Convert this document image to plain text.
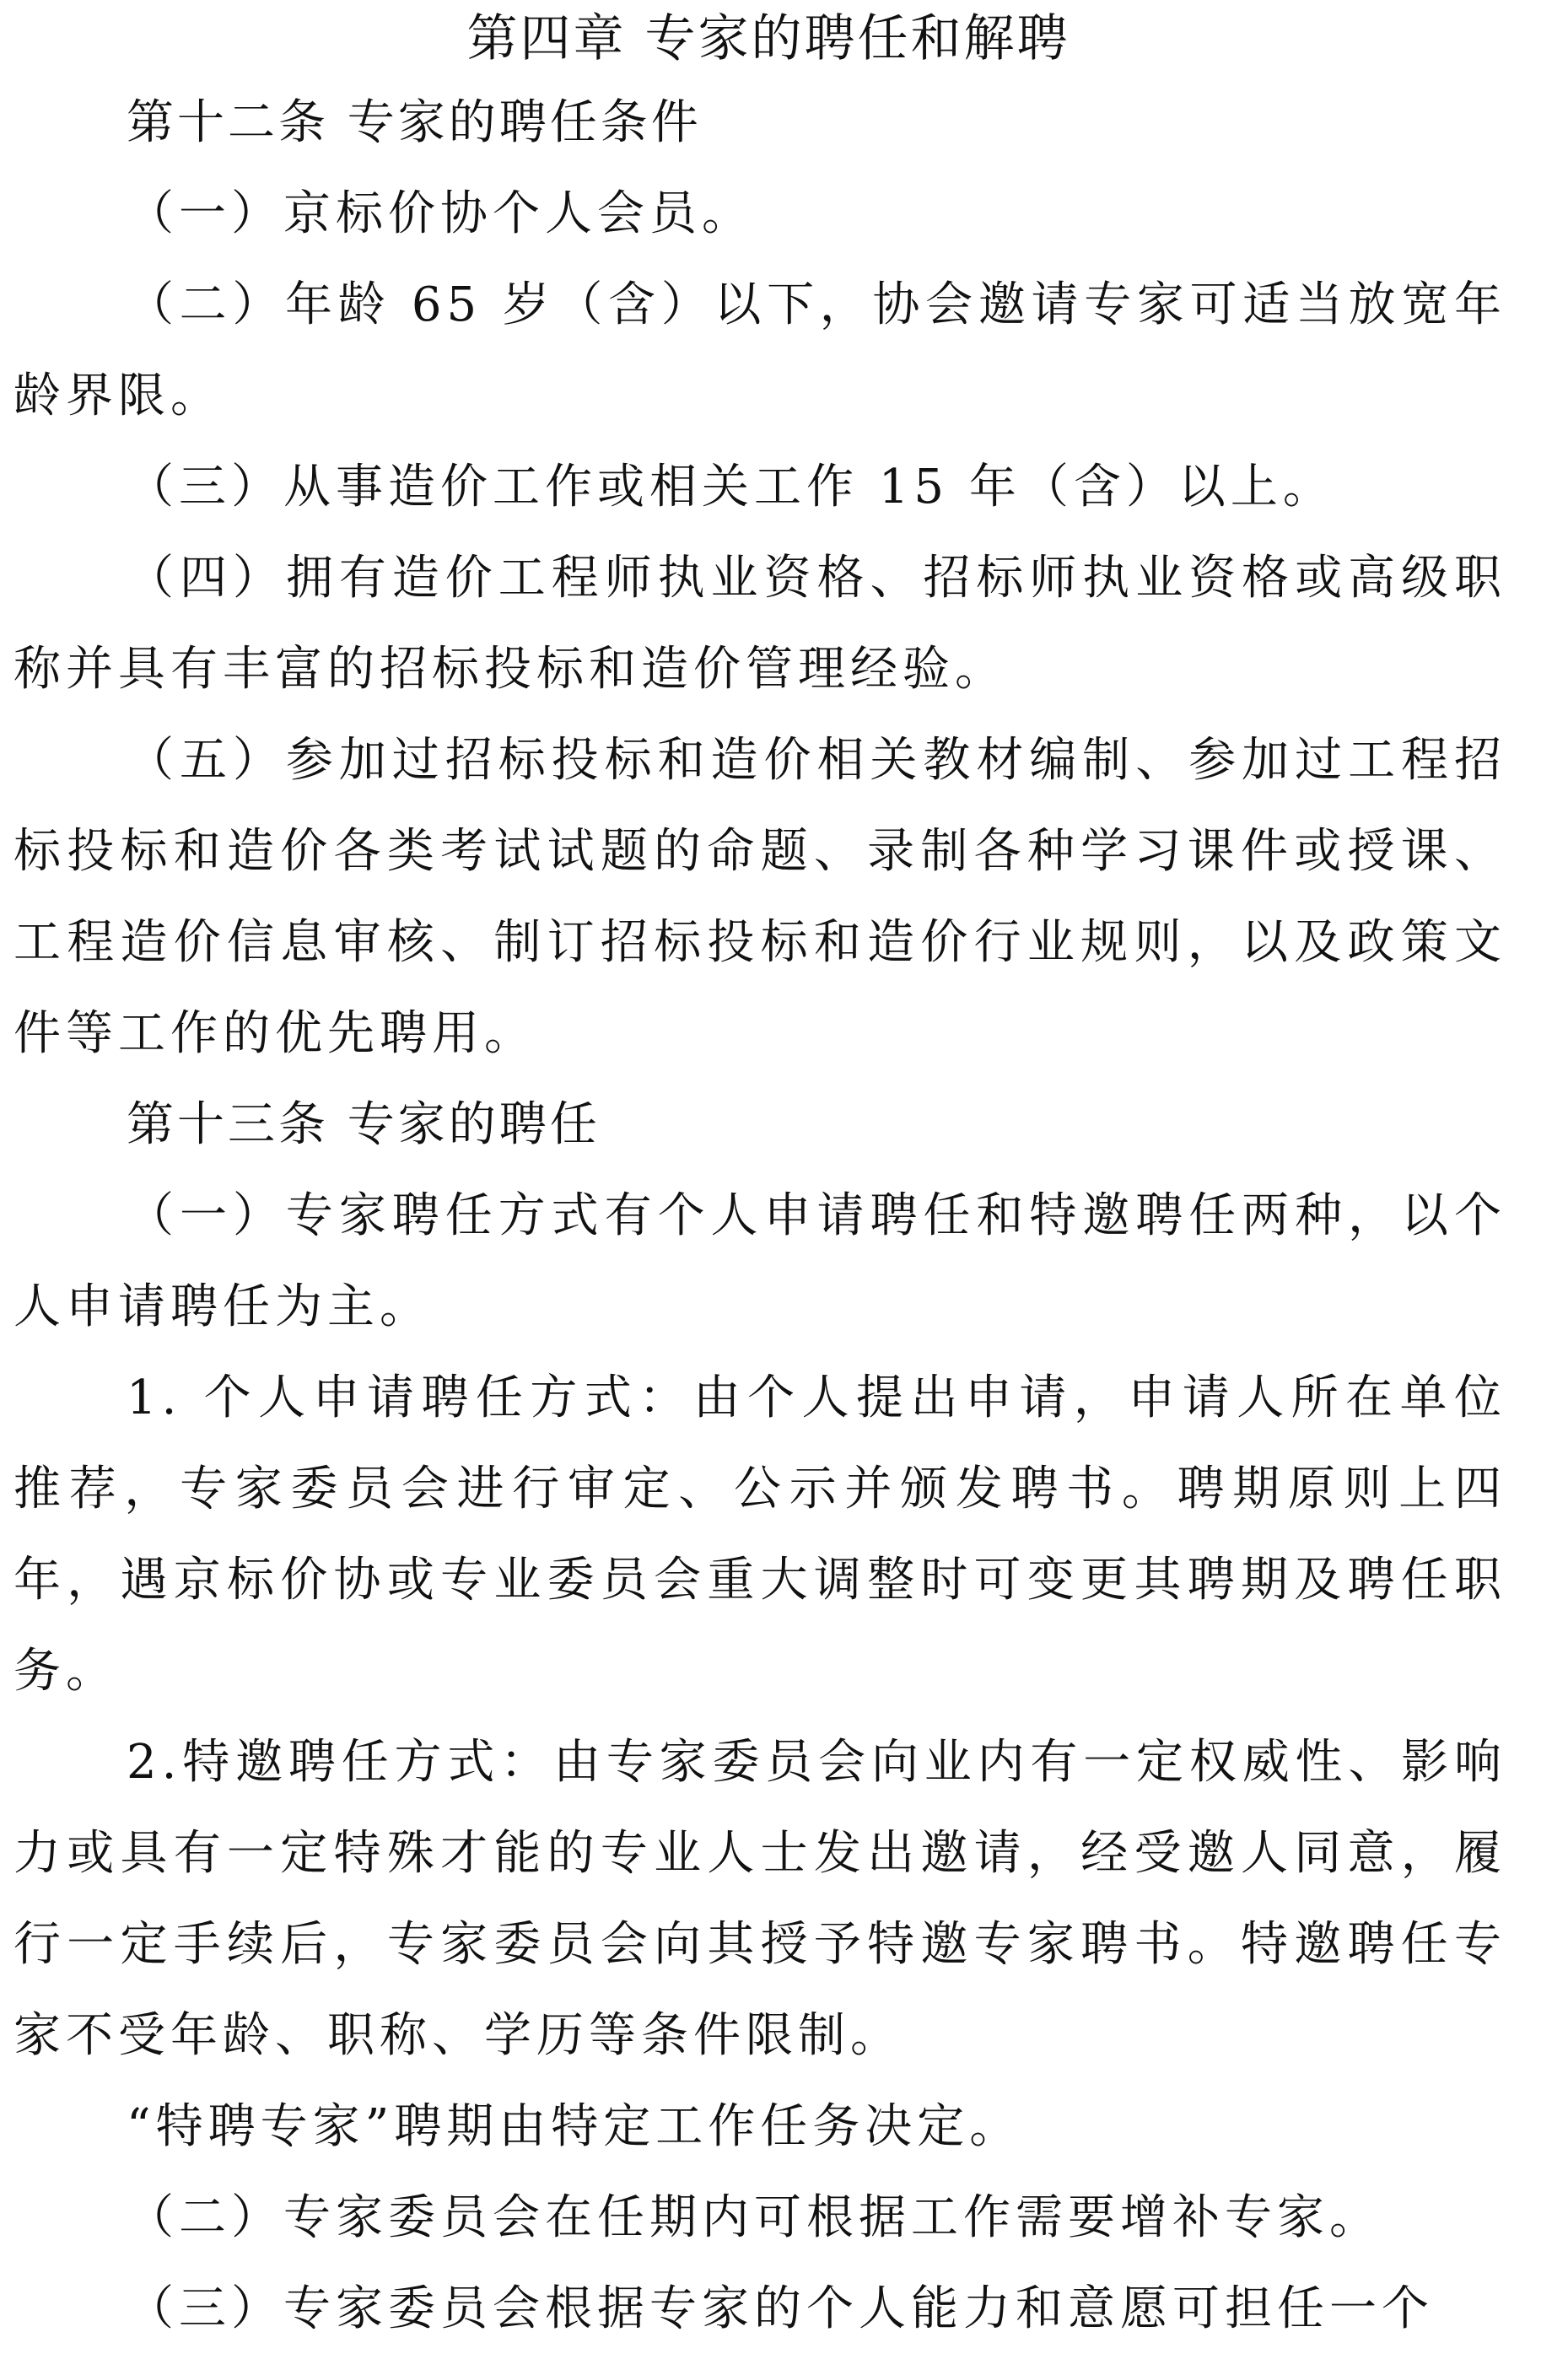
第四章 专家的聘任和解聘

第十二条 专家的聘任条件

（一）京标价协个人会员。

（二）年龄 65 岁（含）以下，协会邀请专家可适当放宽年龄界限。

（三）从事造价工作或相关工作 15 年（含）以上。

（四）拥有造价工程师执业资格、招标师执业资格或高级职称并具有丰富的招标投标和造价管理经验。

（五）参加过招标投标和造价相关教材编制、参加过工程招标投标和造价各类考试试题的命题、录制各种学习课件或授课、工程造价信息审核、制订招标投标和造价行业规则，以及政策文件等工作的优先聘用。

第十三条 专家的聘任

（一）专家聘任方式有个人申请聘任和特邀聘任两种，以个人申请聘任为主。

1. 个人申请聘任方式：由个人提出申请，申请人所在单位推荐，专家委员会进行审定、公示并颁发聘书。聘期原则上四年，遇京标价协或专业委员会重大调整时可变更其聘期及聘任职务。

2.特邀聘任方式：由专家委员会向业内有一定权威性、影响力或具有一定特殊才能的专业人士发出邀请，经受邀人同意，履行一定手续后，专家委员会向其授予特邀专家聘书。特邀聘任专家不受年龄、职称、学历等条件限制。

“特聘专家”聘期由特定工作任务决定。

（二）专家委员会在任期内可根据工作需要增补专家。

（三）专家委员会根据专家的个人能力和意愿可担任一个
